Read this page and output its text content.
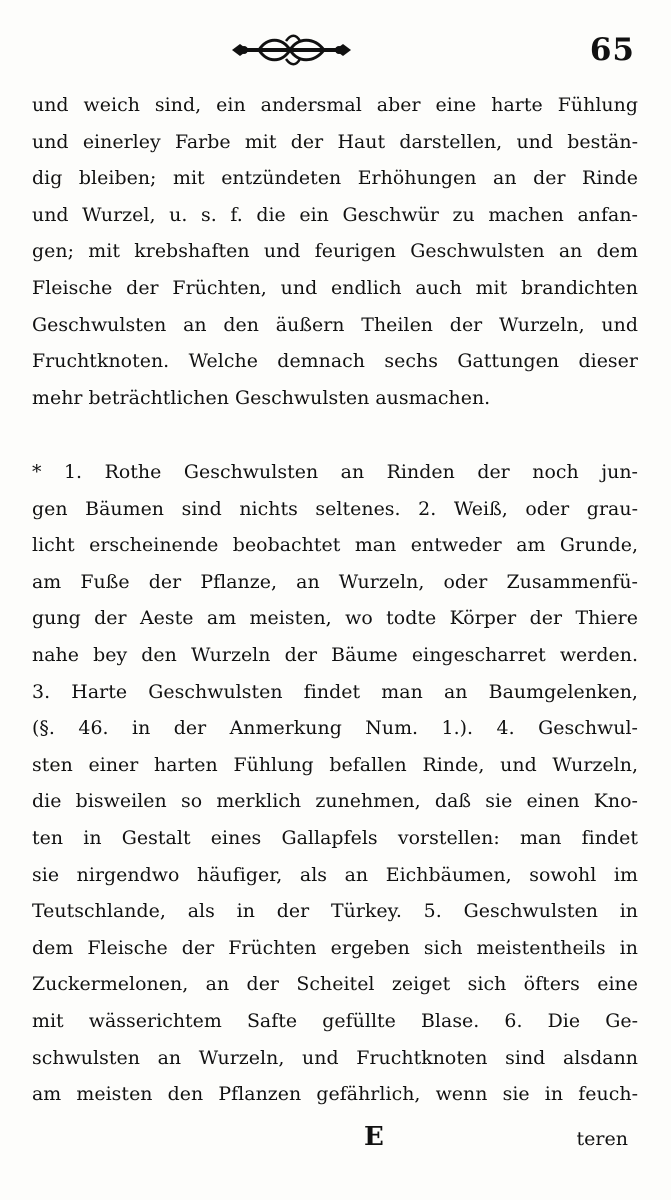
65
und weich sind, ein andersmal aber eine harte Fühlung
und einerley Farbe mit der Haut darstellen, und bestän-
dig bleiben; mit entzündeten Erhöhungen an der Rinde
und Wurzel, u. s. f. die ein Geschwür zu machen anfan-
gen; mit krebshaften und feurigen Geschwulsten an dem
Fleische der Früchten, und endlich auch mit brandichten
Geschwulsten an den äußern Theilen der Wurzeln, und
Fruchtknoten. Welche demnach sechs Gattungen dieser
mehr beträchtlichen Geschwulsten ausmachen.
* 1. Rothe Geschwulsten an Rinden der noch jun-
gen Bäumen sind nichts seltenes. 2. Weiß, oder grau-
licht erscheinende beobachtet man entweder am Grunde,
am Fuße der Pflanze, an Wurzeln, oder Zusammenfü-
gung der Aeste am meisten, wo todte Körper der Thiere
nahe bey den Wurzeln der Bäume eingescharret werden.
3. Harte Geschwulsten findet man an Baumgelenken,
(§. 46. in der Anmerkung Num. 1.). 4. Geschwul-
sten einer harten Fühlung befallen Rinde, und Wurzeln,
die bisweilen so merklich zunehmen, daß sie einen Kno-
ten in Gestalt eines Gallapfels vorstellen: man findet
sie nirgendwo häufiger, als an Eichbäumen, sowohl im
Teutschlande, als in der Türkey. 5. Geschwulsten in
dem Fleische der Früchten ergeben sich meistentheils in
Zuckermelonen, an der Scheitel zeiget sich öfters eine
mit wässerichtem Safte gefüllte Blase. 6. Die Ge-
schwulsten an Wurzeln, und Fruchtknoten sind alsdann
am meisten den Pflanzen gefährlich, wenn sie in feuch-
E	teren
